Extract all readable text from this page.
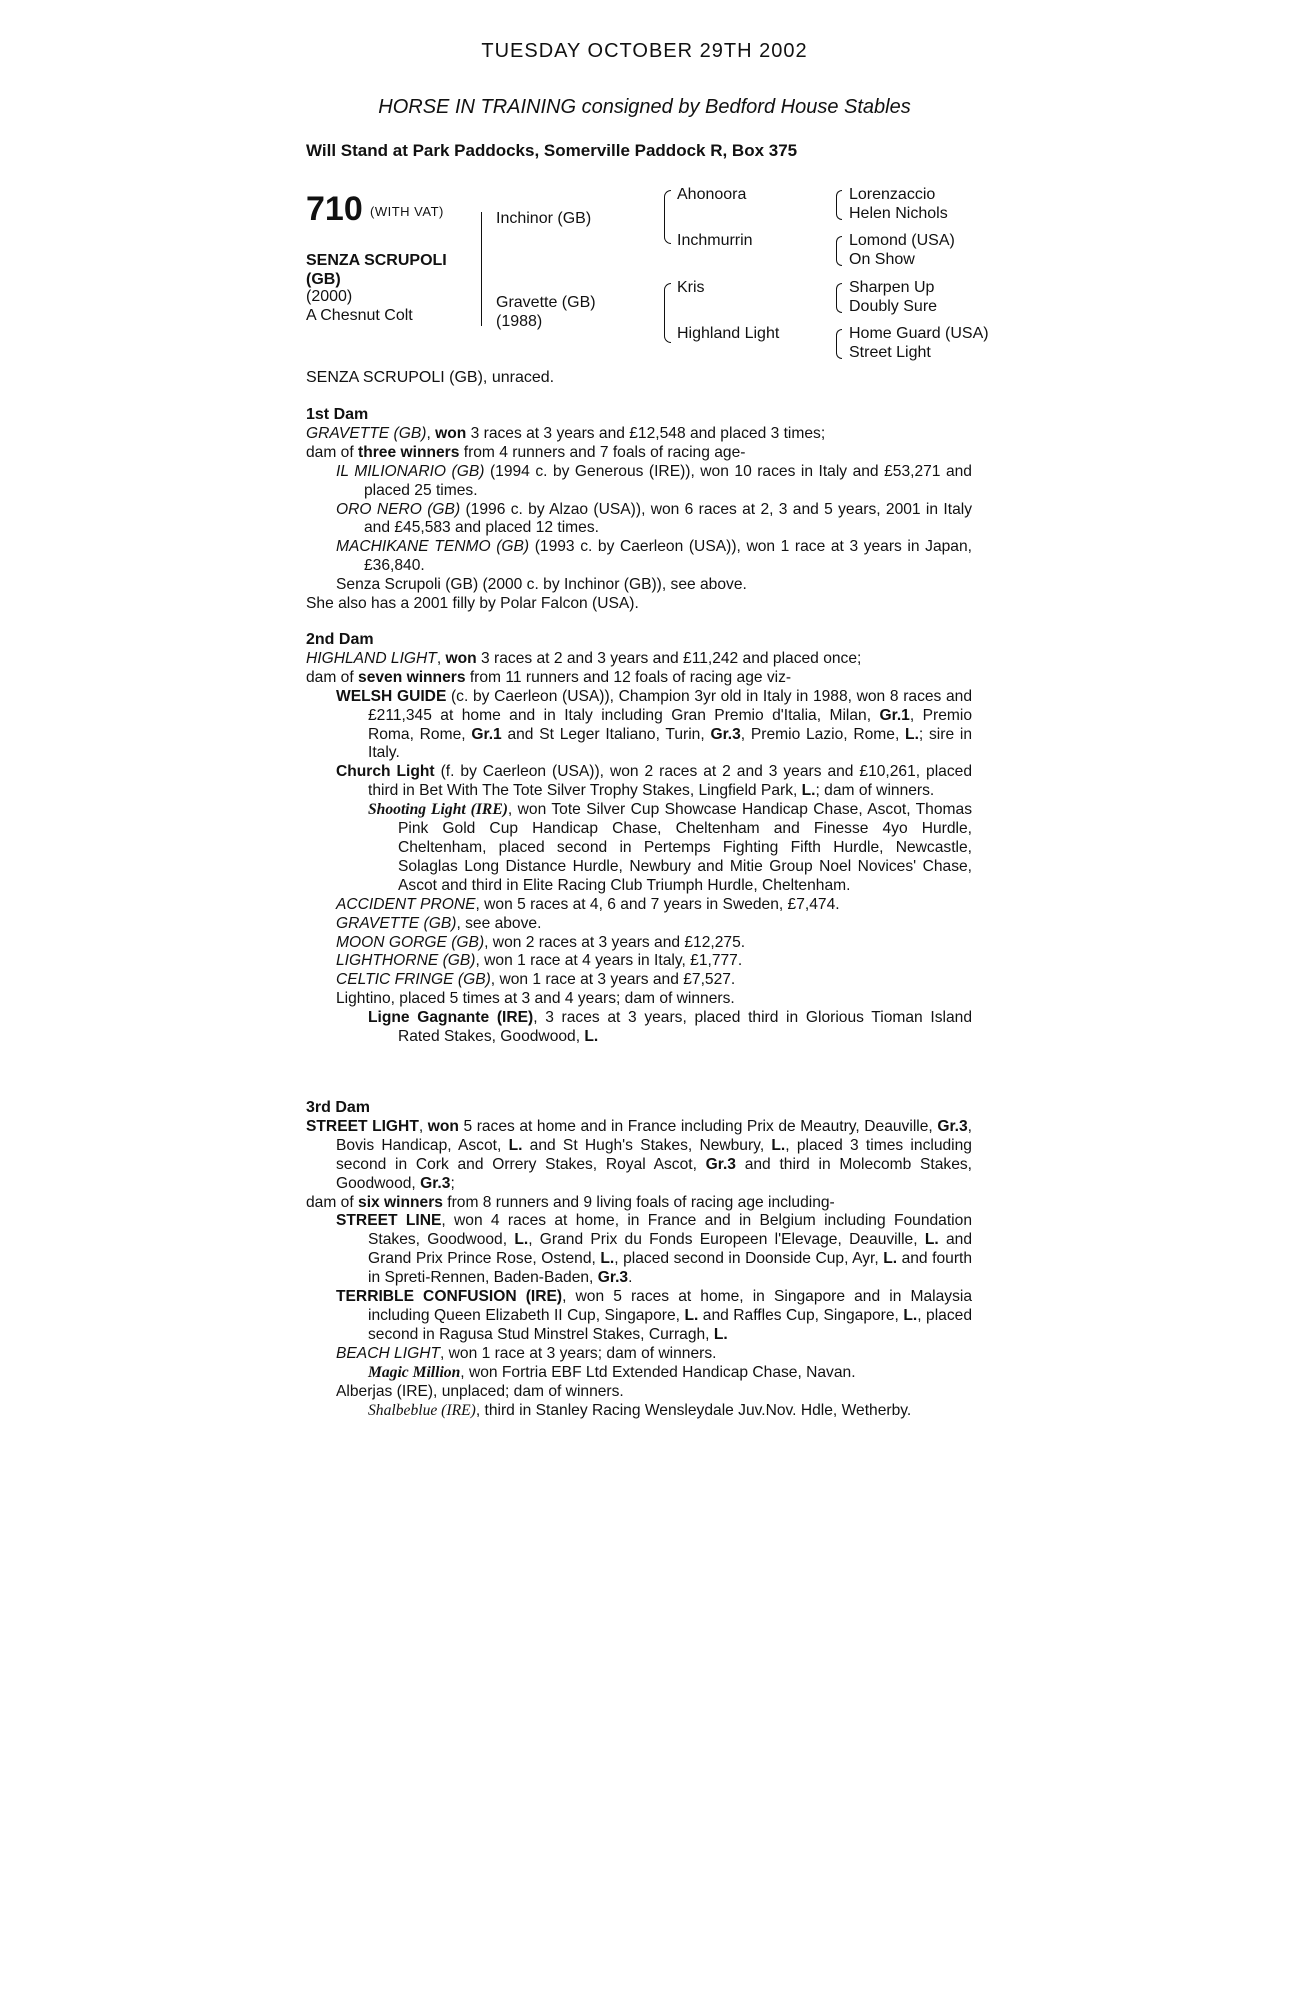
TUESDAY OCTOBER 29TH 2002
HORSE IN TRAINING consigned by Bedford House Stables
Will Stand at Park Paddocks, Somerville Paddock R, Box 375
710 (WITH VAT)
SENZA SCRUPOLI
(GB)
(2000)
A Chesnut Colt
Inchinor (GB)
Gravette (GB)
(1988)
Ahonoora
Inchmurrin
Kris
Highland Light
Lorenzaccio
Helen Nichols
Lomond (USA)
On Show
Sharpen Up
Doubly Sure
Home Guard (USA)
Street Light
SENZA SCRUPOLI (GB), unraced.

1st Dam

GRAVETTE (GB), won 3 races at 3 years and £12,548 and placed 3 times;

dam of three winners from 4 runners and 7 foals of racing age-

IL MILIONARIO (GB) (1994 c. by Generous (IRE)), won 10 races in Italy and £53,271 and placed 25 times.

ORO NERO (GB) (1996 c. by Alzao (USA)), won 6 races at 2, 3 and 5 years, 2001 in Italy and £45,583 and placed 12 times.

MACHIKANE TENMO (GB) (1993 c. by Caerleon (USA)), won 1 race at 3 years in Japan, £36,840.

Senza Scrupoli (GB) (2000 c. by Inchinor (GB)), see above.

She also has a 2001 filly by Polar Falcon (USA).

2nd Dam

HIGHLAND LIGHT, won 3 races at 2 and 3 years and £11,242 and placed once;

dam of seven winners from 11 runners and 12 foals of racing age viz-

WELSH GUIDE (c. by Caerleon (USA)), Champion 3yr old in Italy in 1988, won 8 races and £211,345 at home and in Italy including Gran Premio d'Italia, Milan, Gr.1, Premio Roma, Rome, Gr.1 and St Leger Italiano, Turin, Gr.3, Premio Lazio, Rome, L.; sire in Italy.

Church Light (f. by Caerleon (USA)), won 2 races at 2 and 3 years and £10,261, placed third in Bet With The Tote Silver Trophy Stakes, Lingfield Park, L.; dam of winners.

Shooting Light (IRE), won Tote Silver Cup Showcase Handicap Chase, Ascot, Thomas Pink Gold Cup Handicap Chase, Cheltenham and Finesse 4yo Hurdle, Cheltenham, placed second in Pertemps Fighting Fifth Hurdle, Newcastle, Solaglas Long Distance Hurdle, Newbury and Mitie Group Noel Novices' Chase, Ascot and third in Elite Racing Club Triumph Hurdle, Cheltenham.

ACCIDENT PRONE, won 5 races at 4, 6 and 7 years in Sweden, £7,474.

GRAVETTE (GB), see above.

MOON GORGE (GB), won 2 races at 3 years and £12,275.

LIGHTHORNE (GB), won 1 race at 4 years in Italy, £1,777.

CELTIC FRINGE (GB), won 1 race at 3 years and £7,527.

Lightino, placed 5 times at 3 and 4 years; dam of winners.

Ligne Gagnante (IRE), 3 races at 3 years, placed third in Glorious Tioman Island Rated Stakes, Goodwood, L.

3rd Dam

STREET LIGHT, won 5 races at home and in France including Prix de Meautry, Deauville, Gr.3, Bovis Handicap, Ascot, L. and St Hugh's Stakes, Newbury, L., placed 3 times including second in Cork and Orrery Stakes, Royal Ascot, Gr.3 and third in Molecomb Stakes, Goodwood, Gr.3;

dam of six winners from 8 runners and 9 living foals of racing age including-

STREET LINE, won 4 races at home, in France and in Belgium including Foundation Stakes, Goodwood, L., Grand Prix du Fonds Europeen l'Elevage, Deauville, L. and Grand Prix Prince Rose, Ostend, L., placed second in Doonside Cup, Ayr, L. and fourth in Spreti-Rennen, Baden-Baden, Gr.3.

TERRIBLE CONFUSION (IRE), won 5 races at home, in Singapore and in Malaysia including Queen Elizabeth II Cup, Singapore, L. and Raffles Cup, Singapore, L., placed second in Ragusa Stud Minstrel Stakes, Curragh, L.

BEACH LIGHT, won 1 race at 3 years; dam of winners.

Magic Million, won Fortria EBF Ltd Extended Handicap Chase, Navan.

Alberjas (IRE), unplaced; dam of winners.

Shalbeblue (IRE), third in Stanley Racing Wensleydale Juv.Nov. Hdle, Wetherby.
